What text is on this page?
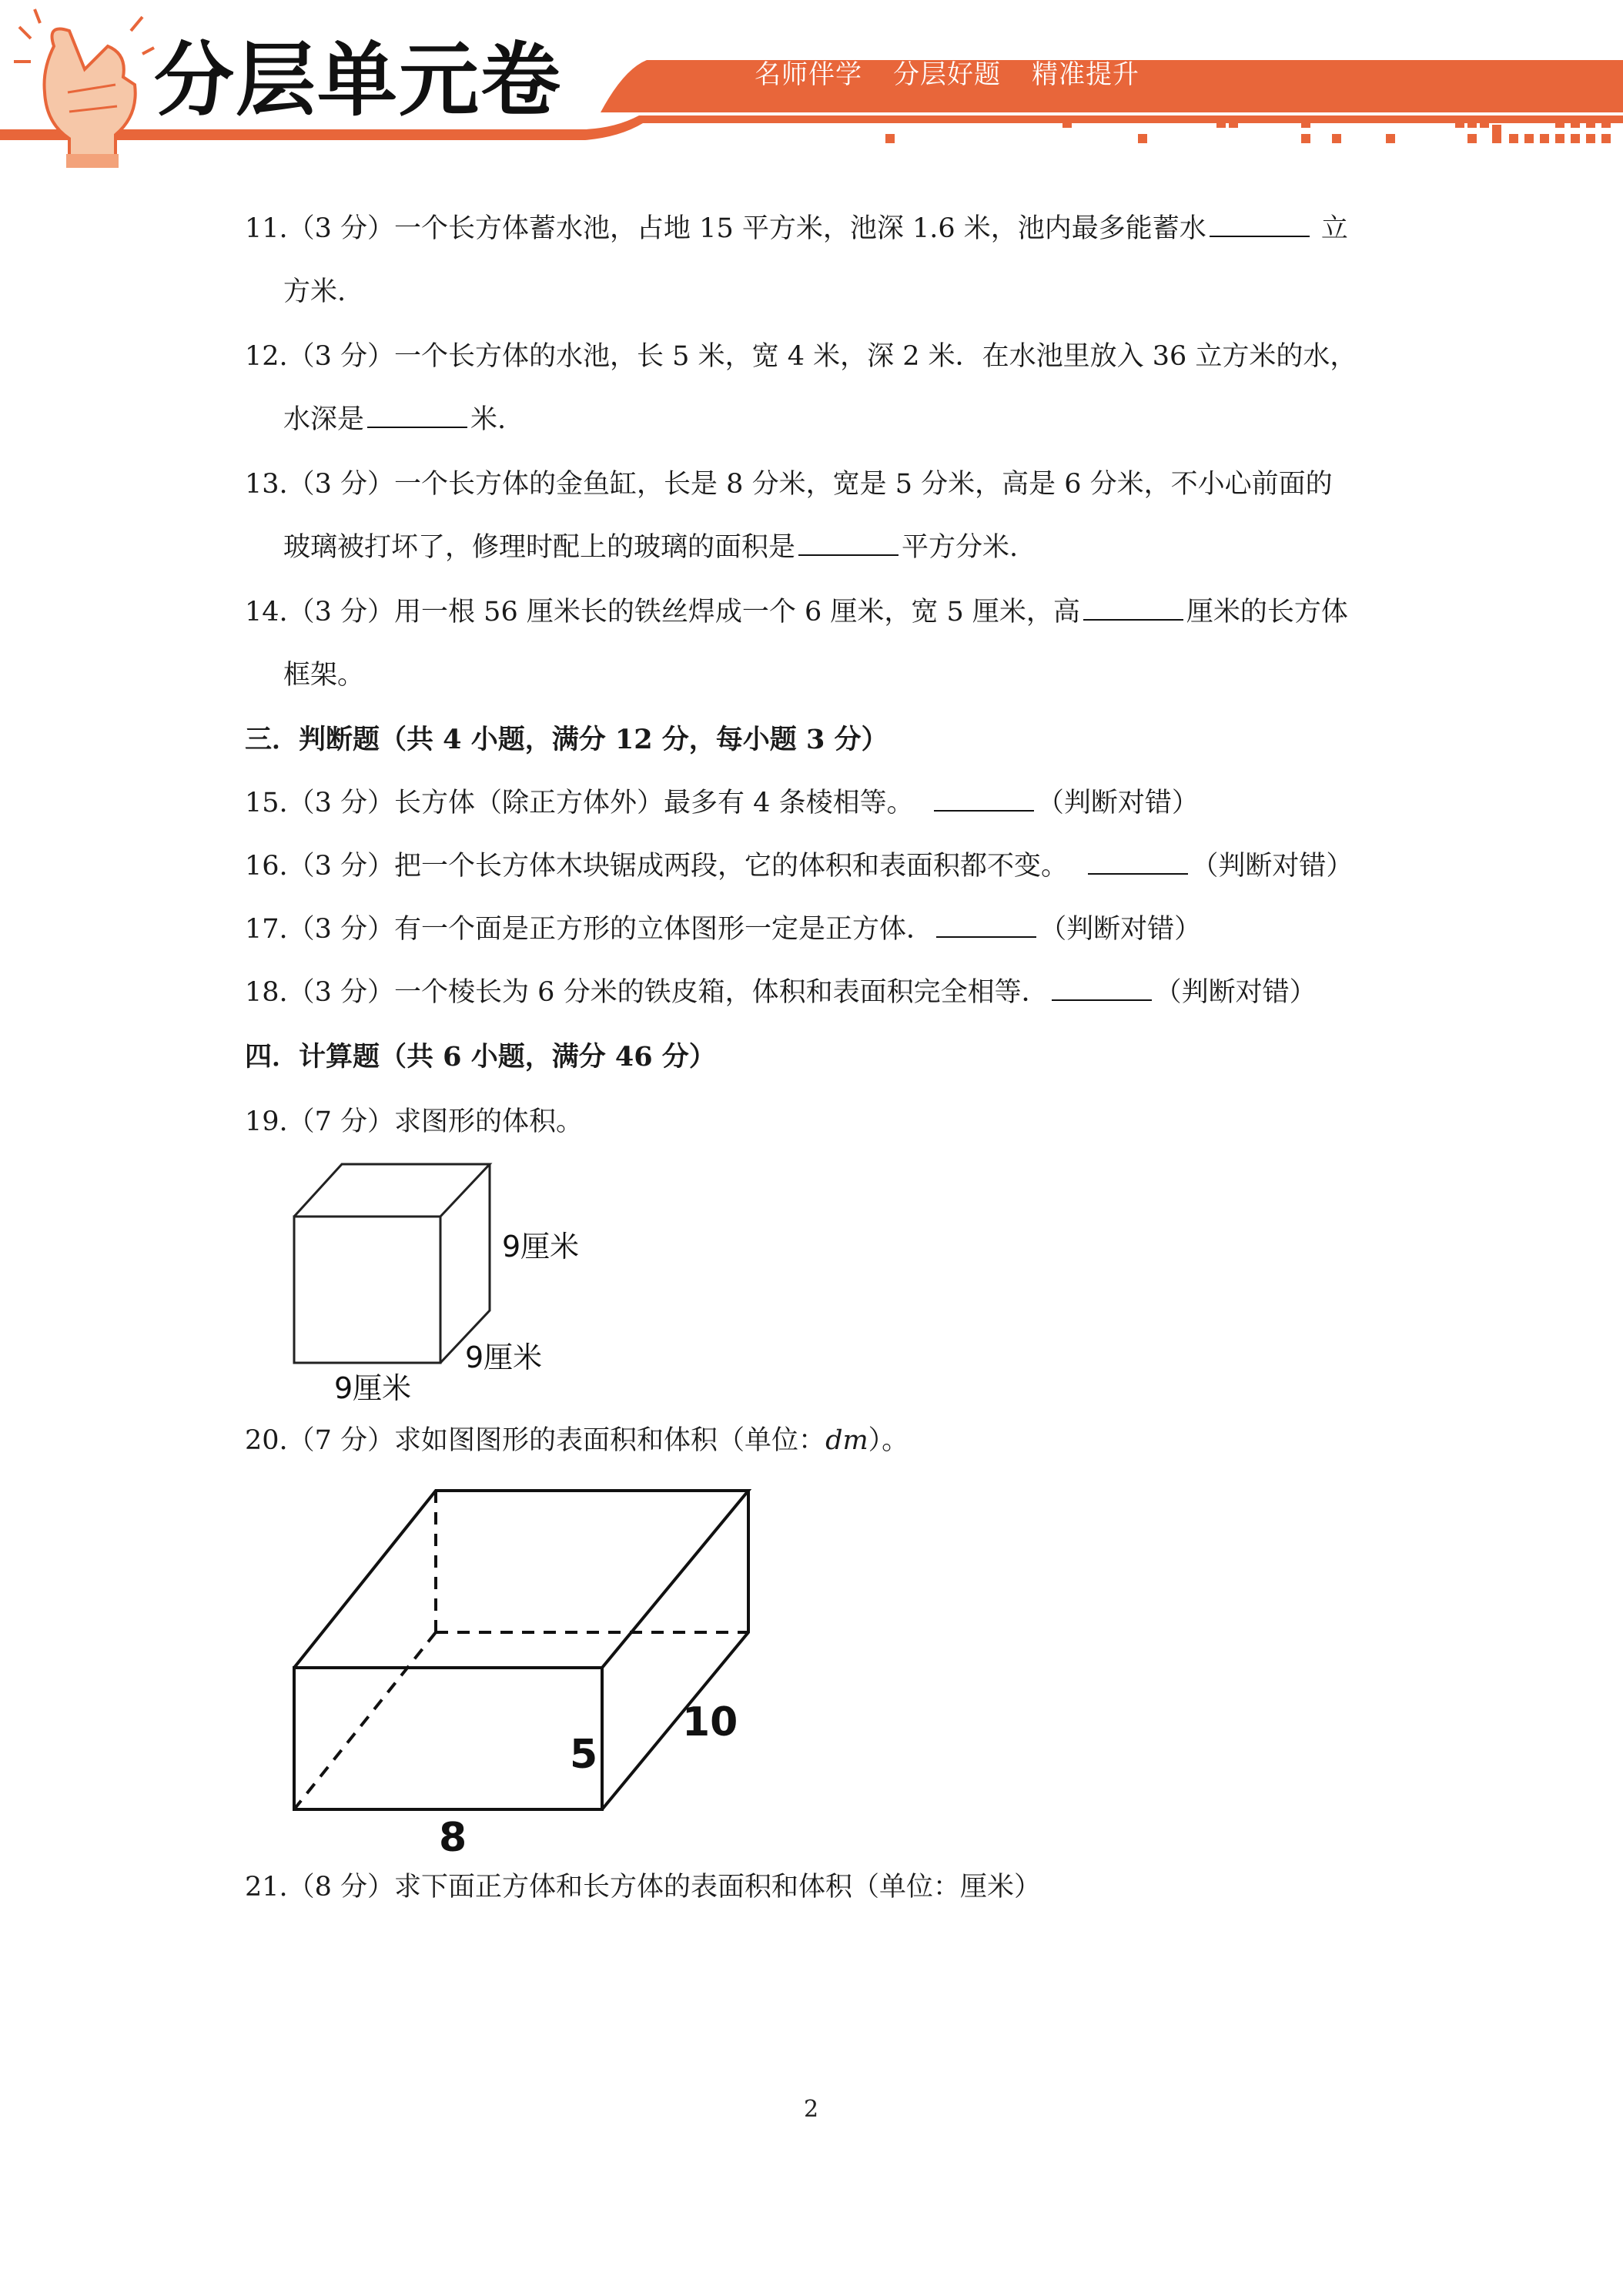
分层单元卷	名师伴学 分层好题 精准提升
11.（3 分）一个长方体蓄水池，占地 15 平方米，池深 1.6 米，池内最多能蓄水	立
方米.
12.（3 分）一个长方体的水池，长 5 米，宽 4 米，深 2 米．在水池里放入 36 立方米的水，
水深是	米.
13.（3 分）一个长方体的金鱼缸，长是 8 分米，宽是 5 分米，高是 6 分米，不小心前面的
玻璃被打坏了，修理时配上的玻璃的面积是	平方分米.
14.（3 分）用一根 56 厘米长的铁丝焊成一个 6 厘米，宽 5 厘米，高	厘米的长方体
框架。
三．判断题（共 4 小题，满分 12 分，每小题 3 分）
15.（3 分）长方体（除正方体外）最多有 4 条棱相等。	（判断对错）
16.（3 分）把一个长方体木块锯成两段，它的体积和表面积都不变。	（判断对错）
17.（3 分）有一个面是正方形的立体图形一定是正方体．	（判断对错）
18.（3 分）一个棱长为 6 分米的铁皮箱，体积和表面积完全相等．	（判断对错）
四．计算题（共 6 小题，满分 46 分）
19.（7 分）求图形的体积。
9厘米
9厘米
9厘米
20.（7 分）求如图图形的表面积和体积（单位：dm）。
5
10
8
21.（8 分）求下面正方体和长方体的表面积和体积（单位：厘米）
2
